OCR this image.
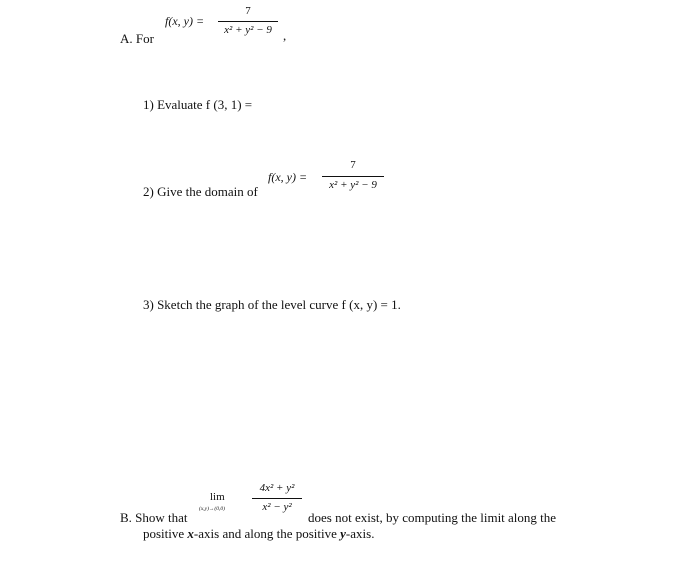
A. For
f(x, y) =
7
x² + y² − 9 ,
1) Evaluate f (3, 1) =
2) Give the domain of
f(x, y) =
7
x² + y² − 9
3) Sketch the graph of the level curve f (x, y) = 1.
lim
(x,y)→(0,0)
4x² + y²
x² − y²
B. Show that	does not exist, by computing the limit along the
positive x-axis and along the positive y-axis.
